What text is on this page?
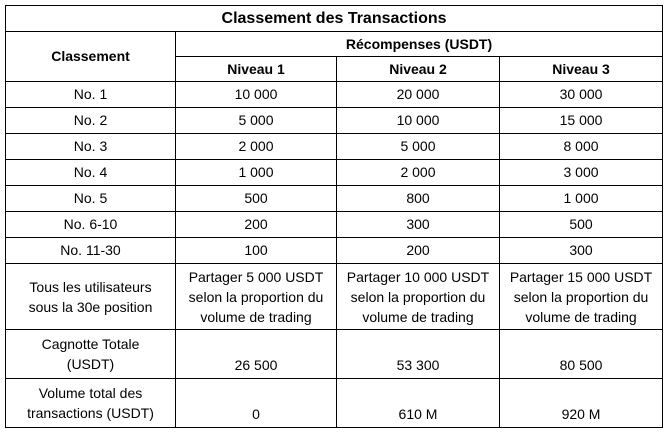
Classement des Transactions			
Classement	Récompenses (USDT)		
	Niveau 1	Niveau 2	Niveau 3
No. 1	10 000	20 000	30 000
No. 2	5 000	10 000	15 000
No. 3	2 000	5 000	8 000
No. 4	1 000	2 000	3 000
No. 5	500	800	1 000
No. 6-10	200	300	500
No. 11-30	100	200	300
Tous les utilisateurs sous la 30e position	Partager 5 000 USDT selon la proportion du volume de trading	Partager 10 000 USDT selon la proportion du volume de trading	Partager 15 000 USDT selon la proportion du volume de trading
Cagnotte Totale (USDT)	26 500	53 300	80 500
Volume total des transactions (USDT)	0	610 M	920 M
